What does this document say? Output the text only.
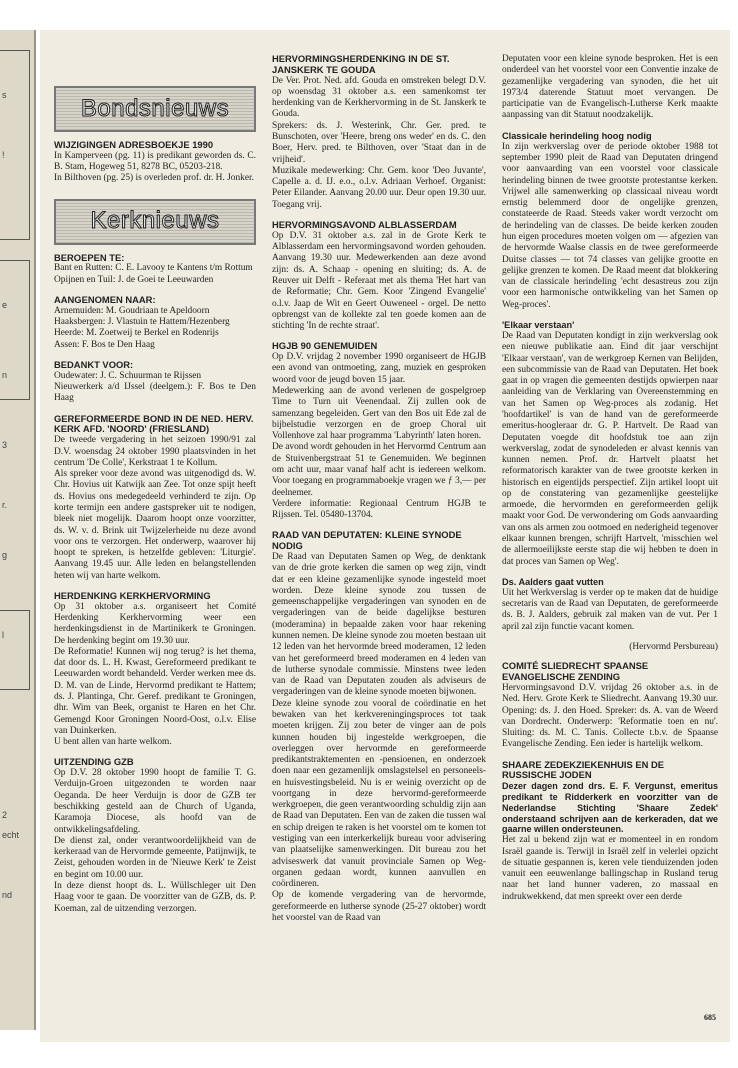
s
!
e
n
3
r.
g
l
2
echt
nd
Bondsnieuws
WIJZIGINGEN ADRESBOEKJE 1990

In Kamperveen (pg. 11) is predikant geworden ds. C. B. Stam, Hogeweg 51, 8278 BC, 05203-218.

In Bilthoven (pg. 25) is overleden prof. dr. H. Jonker.

Kerknieuws
BEROEPEN TE:

Bant en Rutten: C. E. Lavooy te Kantens t/m Rottum

Opijnen en Tuil: J. de Goei te Leeuwarden

AANGENOMEN NAAR:

Arnemuiden: M. Goudriaan te Apeldoorn

Haaksbergen: J. Vlastuin te Hattem/Hezenberg

Heerde: M. Zoetweij te Berkel en Rodenrijs

Assen: F. Bos te Den Haag

BEDANKT VOOR:

Oudewater: J. C. Schuurman te Rijssen

Nieuwerkerk a/d IJssel (deelgem.): F. Bos te Den Haag

GEREFORMEERDE BOND IN DE NED. HERV. KERK AFD. 'NOORD' (FRIESLAND)

De tweede vergadering in het seizoen 1990/91 zal D.V. woensdag 24 oktober 1990 plaatsvinden in het centrum 'De Colle', Kerkstraat 1 te Kollum.

Als spreker voor deze avond was uitgenodigd ds. W. Chr. Hovius uit Katwijk aan Zee. Tot onze spijt heeft ds. Hovius ons medegedeeld verhinderd te zijn. Op korte termijn een andere gastspreker uit te nodigen, bleek niet mogelijk. Daarom hoopt onze voorzitter, ds. W. v. d. Brink uit Twijzelerheide nu deze avond voor ons te verzorgen. Het onderwerp, waarover hij hoopt te spreken, is hetzelfde gebleven: 'Liturgie'. Aanvang 19.45 uur. Alle leden en belangstellenden heten wij van harte welkom.

HERDENKING KERKHERVORMING

Op 31 oktober a.s. organiseert het Comité Herdenking Kerkhervorming weer een herdenkingsdienst in de Martinikerk te Groningen. De herdenking begint om 19.30 uur.

De Reformatie! Kunnen wij nog terug? is het thema, dat door ds. L. H. Kwast, Gereformeerd predikant te Leeuwarden wordt behandeld. Verder werken mee ds. D. M. van de Linde, Hervormd predikant te Hattem; ds. J. Plantinga, Chr. Geref. predikant te Groningen, dhr. Wim van Beek, organist te Haren en het Chr. Gemengd Koor Groningen Noord-Oost, o.l.v. Elise van Duinkerken.

U bent allen van harte welkom.

UITZENDING GZB

Op D.V. 28 oktober 1990 hoopt de familie T. G. Verduijn-Groen uitgezonden te worden naar Oeganda. De heer Verduijn is door de GZB ter beschikking gesteld aan de Church of Uganda, Karamoja Diocese, als hoofd van de ontwikkelingsafdeling.

De dienst zal, onder verantwoordelijkheid van de kerkeraad van de Hervormde gemeente, Patijnwijk, te Zeist, gehouden worden in de 'Nieuwe Kerk' te Zeist en begint om 10.00 uur.

In deze dienst hoopt ds. L. Wüllschleger uit Den Haag voor te gaan. De voorzitter van de GZB, ds. P. Koeman, zal de uitzending verzorgen.

HERVORMINGSHERDENKING IN DE ST. JANSKERK TE GOUDA

De Ver. Prot. Ned. afd. Gouda en omstreken belegt D.V. op woensdag 31 oktober a.s. een samenkomst ter herdenking van de Kerkhervorming in de St. Janskerk te Gouda.

Sprekers: ds. J. Westerink, Chr. Ger. pred. te Bunschoten, over 'Heere, breng ons weder' en ds. C. den Boer, Herv. pred. te Bilthoven, over 'Staat dan in de vrijheid'.

Muzikale medewerking: Chr. Gem. koor 'Deo Juvante', Capelle a. d. IJ. e.o., o.l.v. Adriaan Verhoef. Organist: Peter Eilander. Aanvang 20.00 uur. Deur open 19.30 uur. Toegang vrij.

HERVORMINGSAVOND ALBLASSERDAM

Op D.V. 31 oktober a.s. zal in de Grote Kerk te Alblasserdam een hervormingsavond worden gehouden. Aanvang 19.30 uur. Medewerkenden aan deze avond zijn: ds. A. Schaap - opening en sluiting; ds. A. de Reuver uit Delft - Referaat met als thema 'Het hart van de Reformatie; Chr. Gem. Koor 'Zingend Evangelie' o.l.v. Jaap de Wit en Geert Ouweneel - orgel. De netto opbrengst van de kollekte zal ten goede komen aan de stichting 'In de rechte straat'.

HGJB 90 GENEMUIDEN

Op D.V. vrijdag 2 november 1990 organiseert de HGJB een avond van ontmoeting, zang, muziek en gesproken woord voor de jeugd boven 15 jaar.

Medewerking aan de avond verlenen de gospelgroep Time to Turn uit Veenendaal. Zij zullen ook de samenzang begeleiden. Gert van den Bos uit Ede zal de bijbelstudie verzorgen en de groep Choral uit Vollenhove zal haar programma 'Labyrinth' laten horen.

De avond wordt gehouden in het Hervormd Centrum aan de Stuivenbergstraat 51 te Genemuiden. We beginnen om acht uur, maar vanaf half acht is iedereen welkom. Voor toegang en programmaboekje vragen we ƒ 3,— per deelnemer.

Verdere informatie: Regionaal Centrum HGJB te Rijssen. Tel. 05480-13704.

RAAD VAN DEPUTATEN: KLEINE SYNODE NODIG

De Raad van Deputaten Samen op Weg, de denktank van de drie grote kerken die samen op weg zijn, vindt dat er een kleine gezamenlijke synode ingesteld moet worden. Deze kleine synode zou tussen de gemeenschappelijke vergaderingen van synoden en de vergaderingen van de beide dagelijkse besturen (moderamina) in bepaalde zaken voor haar rekening kunnen nemen. De kleine synode zou moeten bestaan uit 12 leden van het hervormde breed moderamen, 12 leden van het gereformeerd breed moderamen en 4 leden van de lutherse synodale commissie. Minstens twee leden van de Raad van Deputaten zouden als adviseurs de vergaderingen van de kleine synode moeten bijwonen.

Deze kleine synode zou vooral de coördinatie en het bewaken van het kerkvereningingsproces tot taak moeten krijgen. Zij zou beter de vinger aan de pols kunnen houden bij ingestelde werkgroepen, die overleggen over hervormde en gereformeerde predikantstraktementen en -pensioenen, en onderzoek doen naar een gezamenlijk omslagstelsel en personeels- en huisvestingsbeleid. Nu is er weinig overzicht op de voortgang in deze hervormd-gereformeerde werkgroepen, die geen verantwoording schuldig zijn aan de Raad van Deputaten. Een van de zaken die tussen wal en schip dreigen te raken is het voorstel om te komen tot vestiging van een interkerkelijk bureau voor advisering van plaatselijke samenwerkingen. Dit bureau zou het adviseswerk dat vanuit provinciale Samen op Weg-organen gedaan wordt, kunnen aanvullen en coördineren.

Op de komende vergadering van de hervormde, gereformeerde en lutherse synode (25-27 oktober) wordt het voorstel van de Raad van

Deputaten voor een kleine synode besproken. Het is een onderdeel van het voorstel voor een Conventie inzake de gezamenlijke vergadering van synoden, die het uit 1973/4 daterende Statuut moet vervangen. De participatie van de Evangelisch-Lutherse Kerk maakte aanpassing van dit Statuut noodzakelijk.

Classicale herindeling hoog nodig

In zijn werkverslag over de periode oktober 1988 tot september 1990 pleit de Raad van Deputaten dringend voor aanvaarding van een voorstel voor classicale herindeling binnen de twee grootste protestantse kerken. Vrijwel alle samenwerking op classicaal niveau wordt ernstig belemmerd door de ongelijke grenzen, constateerde de Raad. Steeds vaker wordt verzocht om de herindeling van de classes. De beide kerken zouden hun eigen procedures moeten volgen om — afgezien van de hervormde Waalse classis en de twee gereformeerde Duitse classes — tot 74 classes van gelijke grootte en gelijke grenzen te komen. De Raad meent dat blokkering van de classicale herindeling 'echt desastreus zou zijn voor een harmonische ontwikkeling van het Samen op Weg-proces'.

'Elkaar verstaan'

De Raad van Deputaten kondigt in zijn werkverslag ook een nieuwe publikatie aan. Eind dit jaar verschijnt 'Elkaar verstaan', van de werkgroep Kernen van Belijden, een subcommissie van de Raad van Deputaten. Het boek gaat in op vragen die gemeenten destijds opwierpen naar aanleiding van de Verklaring van Overeenstemming en van het Samen op Weg-proces als zodanig. Het 'hoofdartikel' is van de hand van de gereformeerde emeritus-hoogleraar dr. G. P. Hartvelt. De Raad van Deputaten voegde dit hoofdstuk toe aan zijn werkverslag, zodat de synodeleden er alvast kennis van kunnen nemen. Prof. dr. Hartvelt plaatst het reformatorisch karakter van de twee grootste kerken in historisch en eigentijds perspectief. Zijn artikel loopt uit op de constatering van gezamenlijke geestelijke armoede, die hervormden en gereformeerden gelijk maakt voor God. De verwondering om Gods aanvaarding van ons als armen zou ootmoed en nederigheid tegenover elkaar kunnen brengen, schrijft Hartvelt, 'misschien wel de allermoeilijkste eerste stap die wij hebben te doen in dat proces van Samen op Weg'.

Ds. Aalders gaat vutten

Uit het Werkverslag is verder op te maken dat de huidige secretaris van de Raad van Deputaten, de gereformeerde ds. B. J. Aalders, gebruik zal maken van de vut. Per 1 april zal zijn functie vacant komen.

(Hervormd Persbureau)
COMITÉ SLIEDRECHT SPAANSE EVANGELISCHE ZENDING

Hervormingsavond D.V. vrijdag 26 oktober a.s. in de Ned. Herv. Grote Kerk te Sliedrecht. Aanvang 19.30 uur. Opening: ds. J. den Hoed. Spreker: ds. A. van de Weerd van Dordrecht. Onderwerp: 'Reformatie toen en nu'. Sluiting: ds. M. C. Tanis. Collecte t.b.v. de Spaanse Evangelische Zending. Een ieder is hartelijk welkom.

SHAARE ZEDEKZIEKENHUIS EN DE RUSSISCHE JODEN

Dezer dagen zond drs. E. F. Vergunst, emeritus predikant te Ridderkerk en voorzitter van de Nederlandse Stichting 'Shaare Zedek' onderstaand schrijven aan de kerkeraden, dat we gaarne willen ondersteunen.

Het zal u bekend zijn wat er momenteel in en rondom Israël gaande is. Terwijl in Israël zelf in velerlei opzicht de situatie gespannen is, keren vele tienduizenden joden vanuit een eeuwenlange ballingschap in Rusland terug naar het land hunner vaderen, zo massaal en indrukwekkend, dat men spreekt over een derde

685
